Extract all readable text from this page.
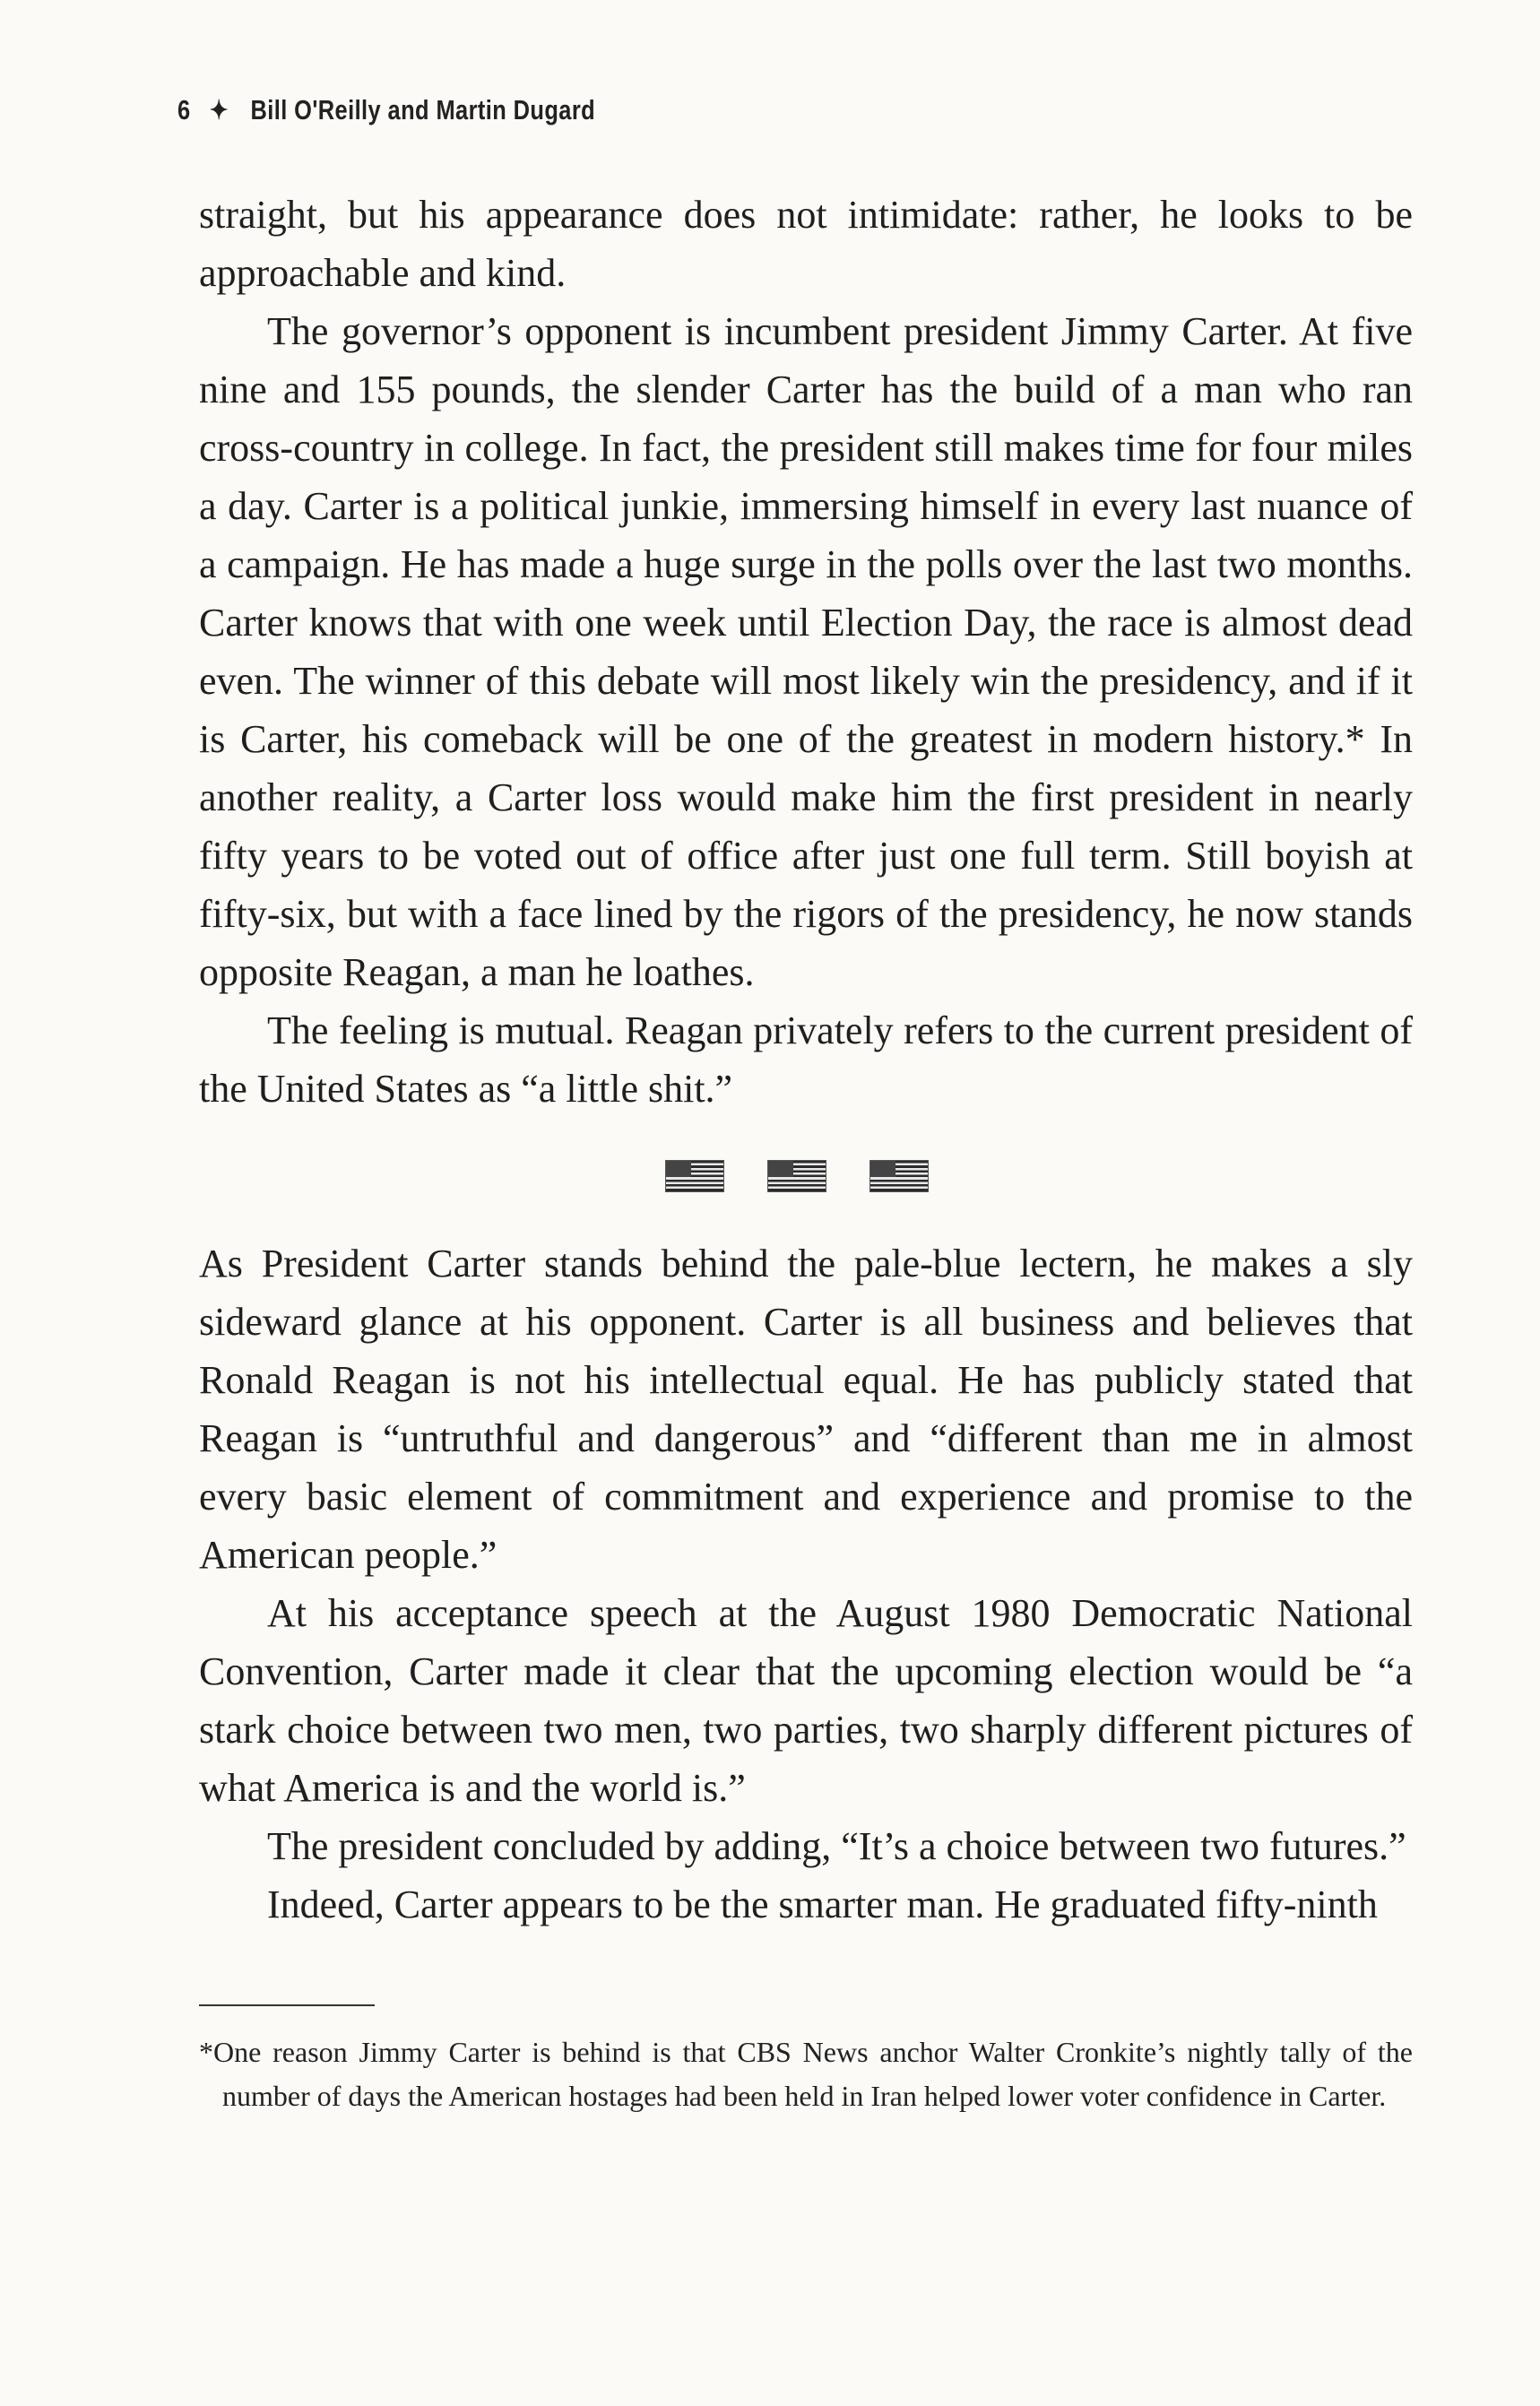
6 ✦ Bill O'Reilly and Martin Dugard

straight, but his appearance does not intimidate: rather, he looks to be approachable and kind.

The governor’s opponent is incumbent president Jimmy Carter. At five nine and 155 pounds, the slender Carter has the build of a man who ran cross-country in college. In fact, the president still makes time for four miles a day. Carter is a political junkie, immersing himself in every last nuance of a campaign. He has made a huge surge in the polls over the last two months. Carter knows that with one week until Election Day, the race is almost dead even. The winner of this debate will most likely win the presidency, and if it is Carter, his comeback will be one of the greatest in modern history.* In another reality, a Carter loss would make him the first president in nearly fifty years to be voted out of office after just one full term. Still boyish at fifty-six, but with a face lined by the rigors of the presidency, he now stands opposite Reagan, a man he loathes.

The feeling is mutual. Reagan privately refers to the current president of the United States as “a little shit.”

As President Carter stands behind the pale-blue lectern, he makes a sly sideward glance at his opponent. Carter is all business and believes that Ronald Reagan is not his intellectual equal. He has publicly stated that Reagan is “untruthful and dangerous” and “different than me in almost every basic element of commitment and experience and promise to the American people.”

At his acceptance speech at the August 1980 Democratic National Convention, Carter made it clear that the upcoming election would be “a stark choice between two men, two parties, two sharply different pictures of what America is and the world is.”

The president concluded by adding, “It’s a choice between two futures.”

Indeed, Carter appears to be the smarter man. He graduated fifty-ninth

*One reason Jimmy Carter is behind is that CBS News anchor Walter Cronkite’s nightly tally of the number of days the American hostages had been held in Iran helped lower voter confidence in Carter.
